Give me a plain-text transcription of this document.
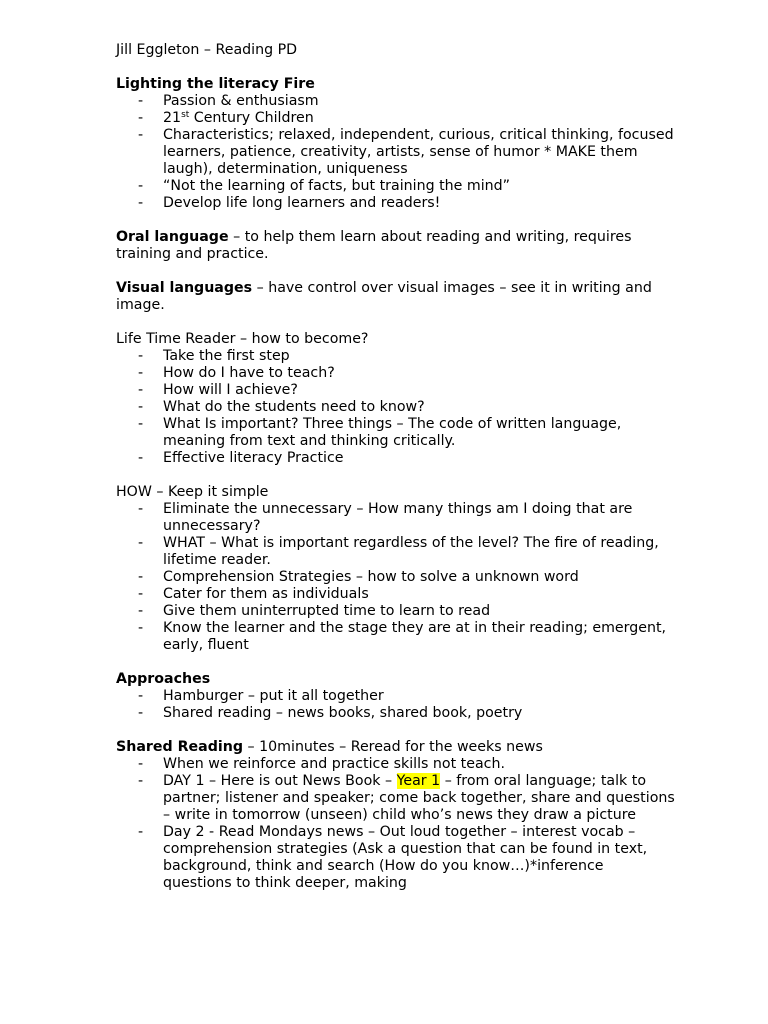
Jill Eggleton – Reading PD

Lighting the literacy Fire

- Passion & enthusiasm
- 21st Century Children
- Characteristics; relaxed, independent, curious, critical thinking, focused learners, patience, creativity, artists, sense of humor * MAKE them laugh), determination, uniqueness
- “Not the learning of facts, but training the mind”
- Develop life long learners and readers!

Oral language – to help them learn about reading and writing, requires training and practice.

Visual languages – have control over visual images – see it in writing and image.

Life Time Reader – how to become?

- Take the first step
- How do I have to teach?
- How will I achieve?
- What do the students need to know?
- What Is important? Three things – The code of written language, meaning from text and thinking critically.
- Effective literacy Practice

HOW – Keep it simple

- Eliminate the unnecessary – How many things am I doing that are unnecessary?
- WHAT – What is important regardless of the level? The fire of reading, lifetime reader.
- Comprehension Strategies – how to solve a unknown word
- Cater for them as individuals
- Give them uninterrupted time to learn to read
- Know the learner and the stage they are at in their reading; emergent, early, fluent

Approaches

- Hamburger – put it all together
- Shared reading – news books, shared book, poetry

Shared Reading – 10minutes – Reread for the weeks news

- When we reinforce and practice skills not teach.
- DAY 1 – Here is out News Book – Year 1 – from oral language; talk to partner; listener and speaker; come back together, share and questions – write in tomorrow (unseen) child who’s news they draw a picture
- Day 2 - Read Mondays news – Out loud together – interest vocab – comprehension strategies (Ask a question that can be found in text, background, think and search (How do you know…)*inference questions to think deeper, making
